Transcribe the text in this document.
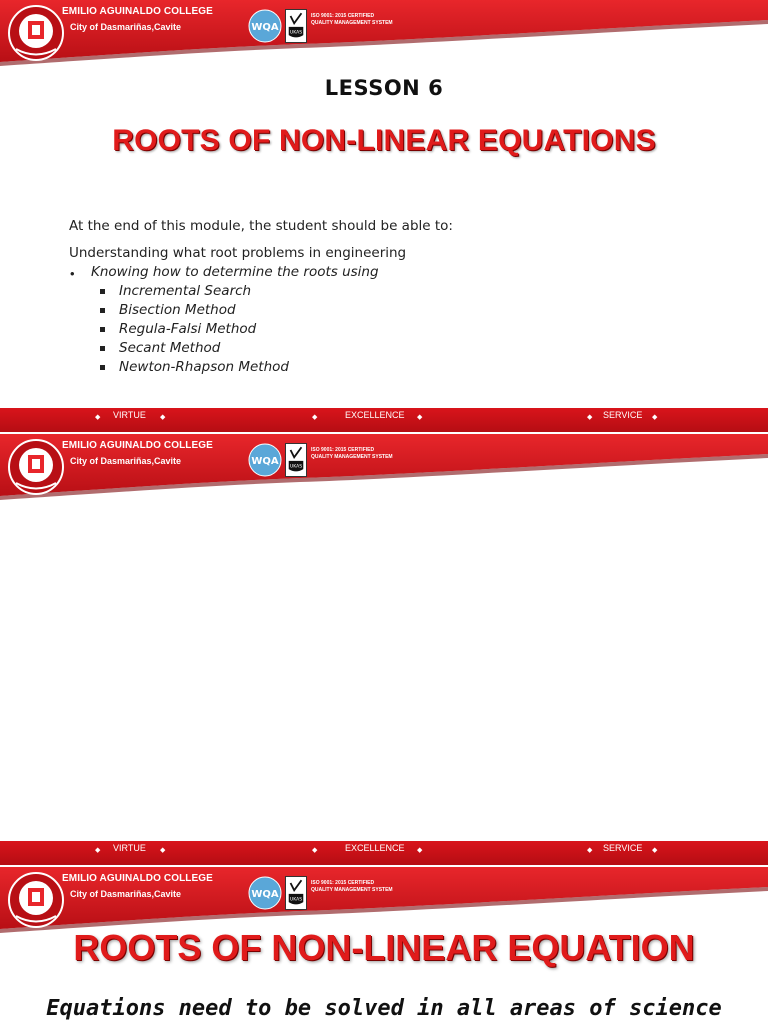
EMILIO AGUINALDO COLLEGE
City of Dasmariñas,Cavite	WQA UKAS
ISO 9001: 2015 CERTIFIED
QUALITY MANAGEMENT SYSTEM
LESSON 6
ROOTS OF NON-LINEAR EQUATIONS
At the end of this module, the student should be able to:
Understanding what root problems in engineering
• Knowing how to determine the roots using
Incremental Search
Bisection Method
Regula-Falsi Method
Secant Method
Newton-Rhapson Method
◆ VIRTUE ◆	◆	EXCELLENCE ◆	◆ SERVICE ◆
EMILIO AGUINALDO COLLEGE
City of Dasmariñas,Cavite	WQA UKAS
ISO 9001: 2015 CERTIFIED
QUALITY MANAGEMENT SYSTEM
◆ VIRTUE ◆	◆	EXCELLENCE ◆	◆ SERVICE ◆
EMILIO AGUINALDO COLLEGE
City of Dasmariñas,Cavite	WQA UKAS
ISO 9001: 2015 CERTIFIED
QUALITY MANAGEMENT SYSTEM
ROOTS OF NON-LINEAR EQUATION
Equations need to be solved in all areas of science
